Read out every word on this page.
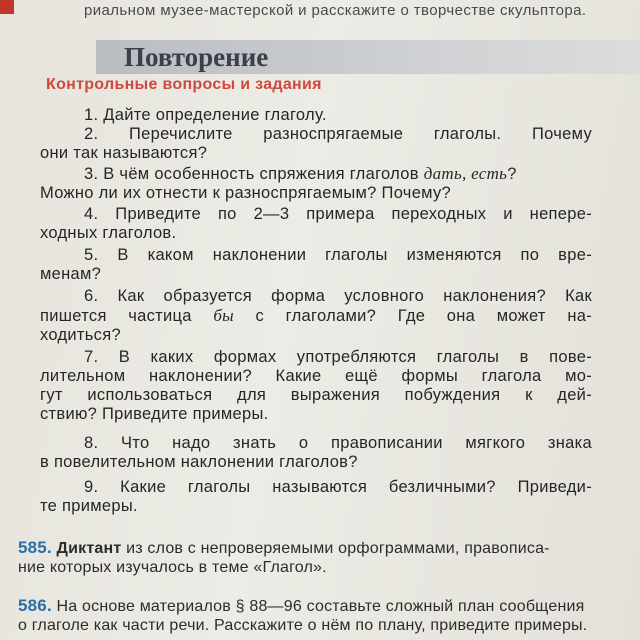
риальном музее-мастерской и расскажите о творчестве скульптора.
Повторение
Контрольные вопросы и задания
1. Дайте определение глаголу.
2. Перечислите разноспрягаемые глаголы. Почему
они так называются?
3. В чём особенность спряжения глаголов дать, есть?
Можно ли их отнести к разноспрягаемым? Почему?
4. Приведите по 2—3 примера переходных и непере-
ходных глаголов.
5. В каком наклонении глаголы изменяются по вре-
менам?
6. Как образуется форма условного наклонения? Как
пишется частица бы с глаголами? Где она может на-
ходиться?
7. В каких формах употребляются глаголы в пове-
лительном наклонении? Какие ещё формы глагола мо-
гут использоваться для выражения побуждения к дей-
ствию? Приведите примеры.
8. Что надо знать о правописании мягкого знака
в повелительном наклонении глаголов?
9. Какие глаголы называются безличными? Приведи-
те примеры.
585. Диктант из слов с непроверяемыми орфограммами, правописа-
ние которых изучалось в теме «Глагол».
586. На основе материалов § 88—96 составьте сложный план сообщения
о глаголе как части речи. Расскажите о нём по плану, приведите примеры.
